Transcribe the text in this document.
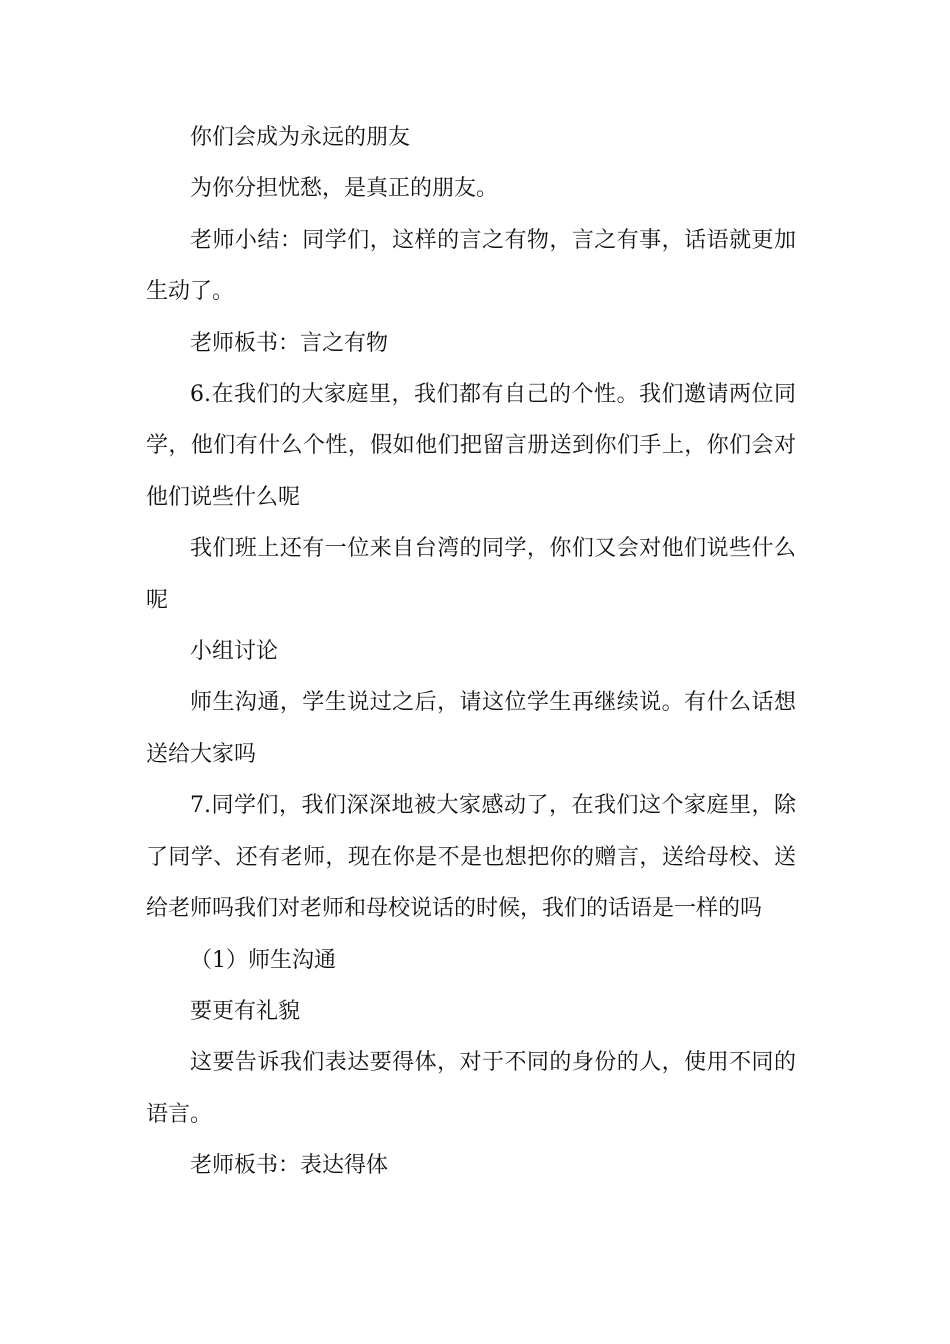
你们会成为永远的朋友

为你分担忧愁，是真正的朋友。

老师小结：同学们，这样的言之有物，言之有事，话语就更加生动了。

老师板书：言之有物

6.在我们的大家庭里，我们都有自己的个性。我们邀请两位同学，他们有什么个性，假如他们把留言册送到你们手上，你们会对他们说些什么呢

我们班上还有一位来自台湾的同学，你们又会对他们说些什么呢

小组讨论

师生沟通，学生说过之后，请这位学生再继续说。有什么话想送给大家吗

7.同学们，我们深深地被大家感动了，在我们这个家庭里，除了同学、还有老师，现在你是不是也想把你的赠言，送给母校、送给老师吗我们对老师和母校说话的时候，我们的话语是一样的吗

（1）师生沟通

要更有礼貌

这要告诉我们表达要得体，对于不同的身份的人，使用不同的语言。

老师板书：表达得体
